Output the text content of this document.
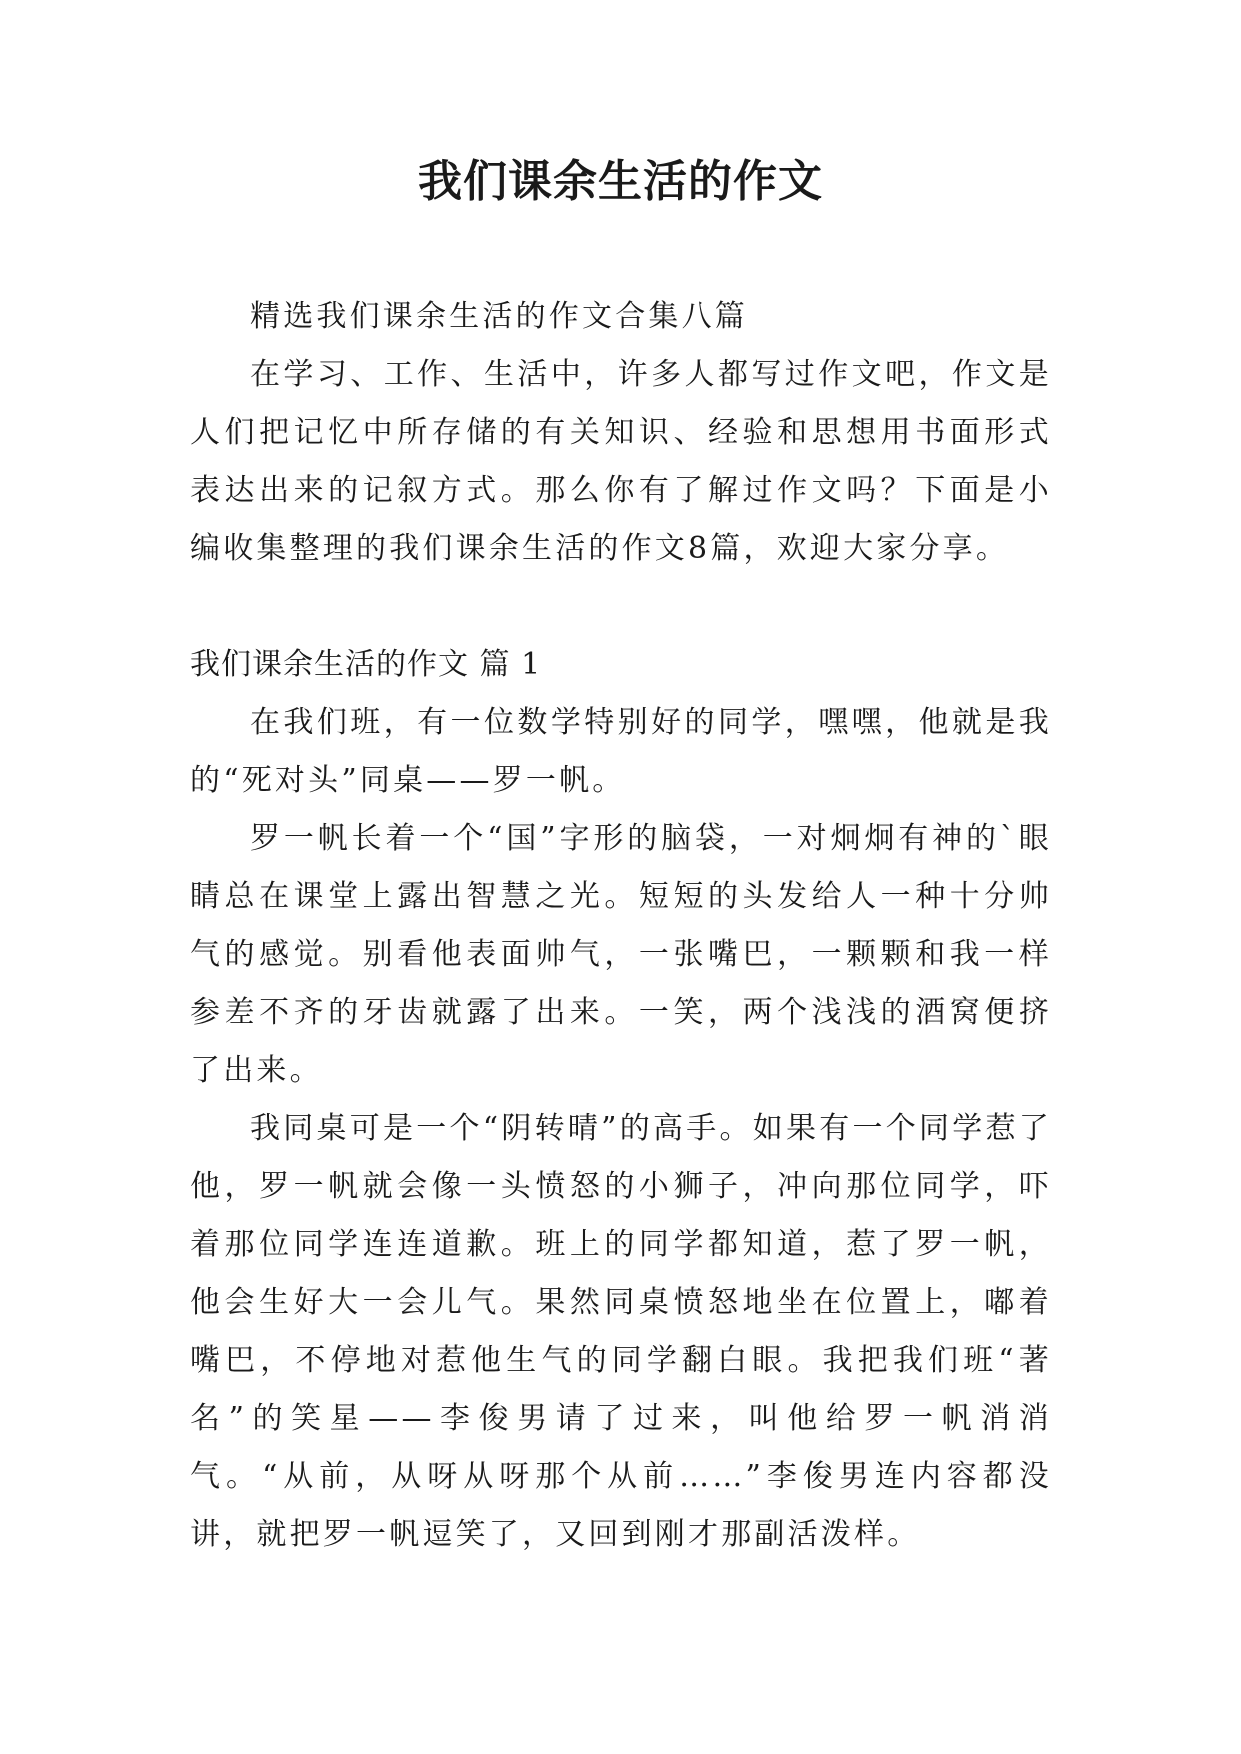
我们课余生活的作文

精选我们课余生活的作文合集八篇

在学习、工作、生活中，许多人都写过作文吧，作文是人们把记忆中所存储的有关知识、经验和思想用书面形式表达出来的记叙方式。那么你有了解过作文吗？下面是小编收集整理的我们课余生活的作文8篇，欢迎大家分享。

我们课余生活的作文 篇 1

在我们班，有一位数学特别好的同学，嘿嘿，他就是我的“死对头”同桌——罗一帆。

罗一帆长着一个“国”字形的脑袋，一对炯炯有神的`眼睛总在课堂上露出智慧之光。短短的头发给人一种十分帅气的感觉。别看他表面帅气，一张嘴巴，一颗颗和我一样参差不齐的牙齿就露了出来。一笑，两个浅浅的酒窝便挤了出来。

我同桌可是一个“阴转晴”的高手。如果有一个同学惹了他，罗一帆就会像一头愤怒的小狮子，冲向那位同学，吓着那位同学连连道歉。班上的同学都知道，惹了罗一帆，他会生好大一会儿气。果然同桌愤怒地坐在位置上，嘟着嘴巴，不停地对惹他生气的同学翻白眼。我把我们班“著名”的笑星——李俊男请了过来，叫他给罗一帆消消气。“从前，从呀从呀那个从前……”李俊男连内容都没讲，就把罗一帆逗笑了，又回到刚才那副活泼样。
